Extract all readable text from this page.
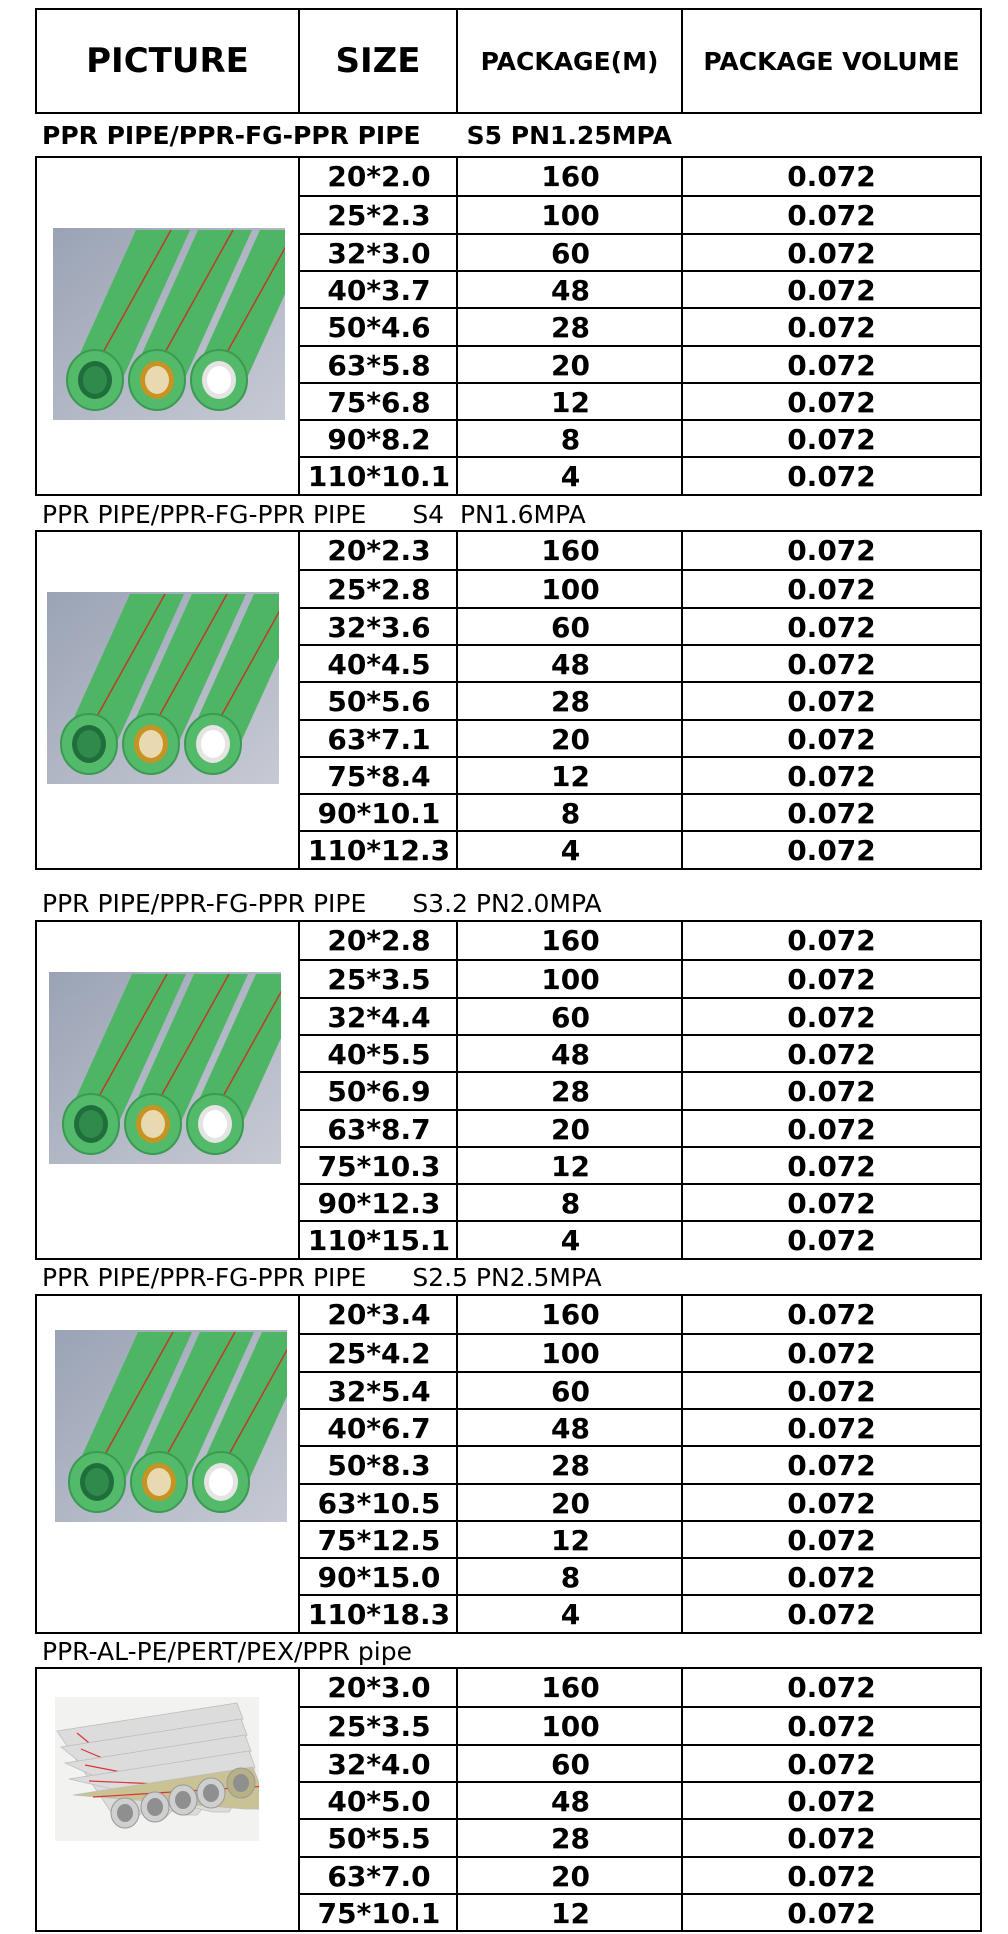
PICTURE	SIZE	PACKAGE(M)	PACKAGE VOLUME
PPR PIPE/PPR-FG-PPR PIPE S5 PN1.25MPA
20*2.0	160	0.072
25*2.3	100	0.072
32*3.0	60	0.072
40*3.7	48	0.072
50*4.6	28	0.072
63*5.8	20	0.072
75*6.8	12	0.072
90*8.2	8	0.072
110*10.1	4	0.072
PPR PIPE/PPR-FG-PPR PIPE S4  PN1.6MPA
20*2.3	160	0.072
25*2.8	100	0.072
32*3.6	60	0.072
40*4.5	48	0.072
50*5.6	28	0.072
63*7.1	20	0.072
75*8.4	12	0.072
90*10.1	8	0.072
110*12.3	4	0.072
PPR PIPE/PPR-FG-PPR PIPE S3.2 PN2.0MPA
20*2.8	160	0.072
25*3.5	100	0.072
32*4.4	60	0.072
40*5.5	48	0.072
50*6.9	28	0.072
63*8.7	20	0.072
75*10.3	12	0.072
90*12.3	8	0.072
110*15.1	4	0.072
PPR PIPE/PPR-FG-PPR PIPE S2.5 PN2.5MPA
20*3.4	160	0.072
25*4.2	100	0.072
32*5.4	60	0.072
40*6.7	48	0.072
50*8.3	28	0.072
63*10.5	20	0.072
75*12.5	12	0.072
90*15.0	8	0.072
110*18.3	4	0.072
PPR-AL-PE/PERT/PEX/PPR pipe
20*3.0	160	0.072
25*3.5	100	0.072
32*4.0	60	0.072
40*5.0	48	0.072
50*5.5	28	0.072
63*7.0	20	0.072
75*10.1	12	0.072
